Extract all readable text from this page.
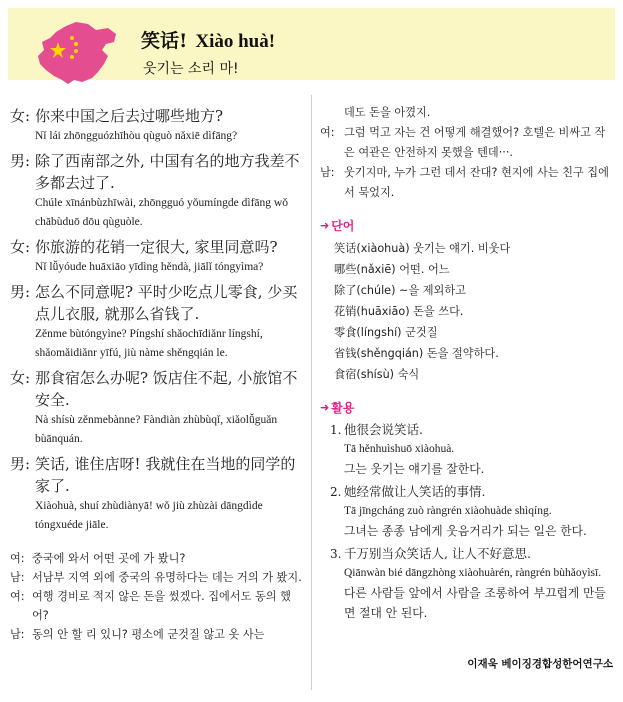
笑话! Xiào huà!
웃기는 소리 마!
女: 你来中国之后去过哪些地方?
Nǐ lái zhōngguózhīhòu qùguò nǎxiē dìfāng?
男: 除了西南部之外, 中国有名的地方我差不多都去过了.
Chúle xīnánbùzhīwài, zhōngguó yǒumíngde dìfāng wǒ chābùduō dōu qùguòle.
女: 你旅游的花销一定很大, 家里同意吗?
Nǐ lǚyóude huāxiāo yīdìng hěndà, jiālǐ tóngyìma?
男: 怎么不同意呢? 平时少吃点儿零食, 少买点儿衣服, 就那么省钱了.
Zěnme bùtóngyìne? Píngshí shǎochīdiǎnr língshí, shǎomǎidiǎnr yīfú, jiù nàme shěngqián le.
女: 那食宿怎么办呢? 饭店住不起, 小旅馆不安全.
Nà shísù zěnmebànne? Fàndiàn zhùbùqǐ, xiǎolǚguǎn bùānquán.
男: 笑话, 谁住店呀! 我就住在当地的同学的家了.
Xiàohuà, shuí zhùdiànyā! wǒ jiù zhùzài dāngdìde tóngxuéde jiāle.
여: 중국에 와서 어떤 곳에 가 봤니?
남: 서남부 지역 외에 중국의 유명하다는 데는 거의 가 봤지.
여: 여행 경비로 적지 않은 돈을 썼겠다. 집에서도 동의 했어?
남: 동의 안 할 리 있니? 평소에 군것질 않고 옷 사는
데도 돈을 아꼈지.
여: 그럼 먹고 자는 건 어떻게 해결했어? 호텔은 비싸고 작은 여관은 안전하지 못했을 텐데···.
남: 웃기지마, 누가 그런 데서 잔대? 현지에 사는 친구 집에서 묵었지.
➜ 단어
笑话(xiàohuà) 웃기는 얘기. 비웃다
哪些(nǎxiē) 어떤. 어느
除了(chúle) ~을 제외하고
花销(huāxiāo) 돈을 쓰다.
零食(língshí) 군것질
省钱(shěngqián) 돈을 절약하다.
食宿(shísù) 숙식
➜ 활용
1. 他很会说笑话.
Tā hěnhuìshuō xiàohuà.
그는 웃기는 얘기를 잘한다.
2. 她经常做让人笑话的事情.
Tā jīngcháng zuò ràngrén xiàohuàde shìqíng.
그녀는 종종 남에게 웃음거리가 되는 일은 한다.
3. 千万别当众笑话人, 让人不好意思.
Qiānwàn bié dāngzhòng xiàohuàrén, ràngrén bùhǎoyìsī.
다른 사람들 앞에서 사람을 조롱하여 부끄럽게 만들면 절대 안 된다.
이재욱 베이징경합성한어연구소
